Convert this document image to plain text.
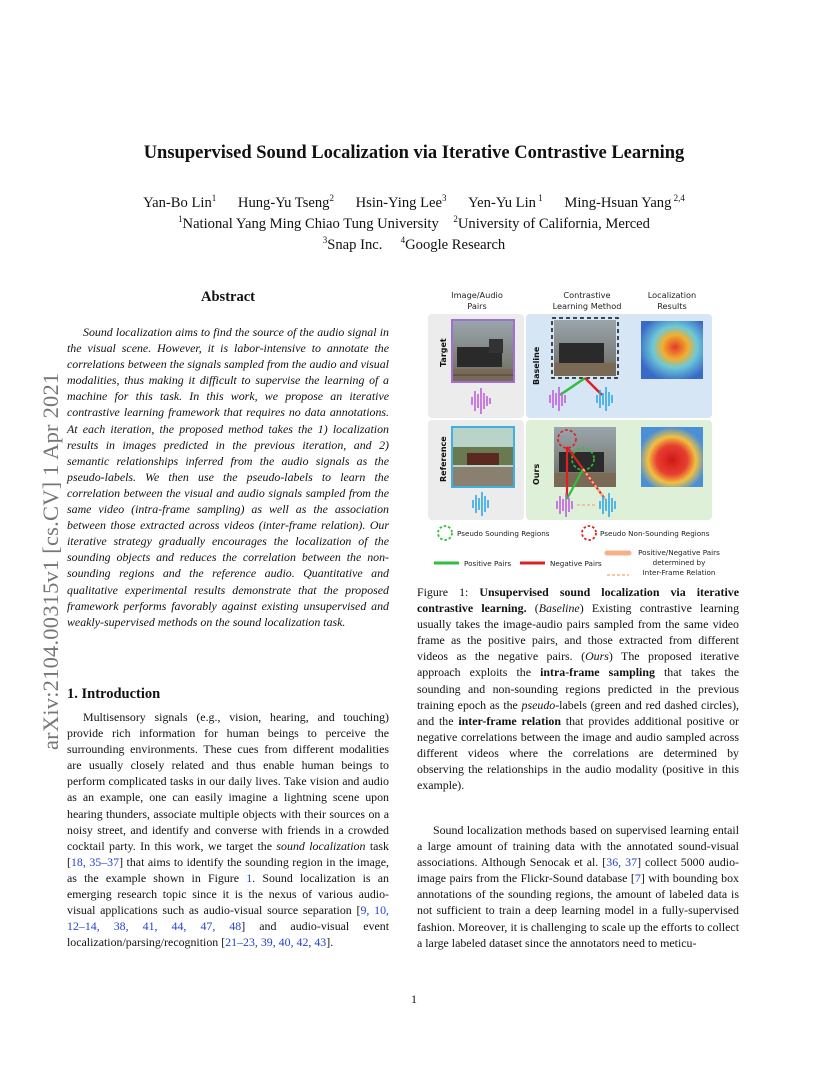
Unsupervised Sound Localization via Iterative Contrastive Learning
Yan-Bo Lin$^1$ Hung-Yu Tseng$^2$ Hsin-Ying Lee$^3$ Yen-Yu Lin $^1$ Ming-Hsuan Yang $^{2,4}$
$^1$National Yang Ming Chiao Tung University $^2$University of California, Merced
$^3$Snap Inc. $^4$Google Research
arXiv:2104.00315v1 [cs.CV] 1 Apr 2021
Abstract
Sound localization aims to find the source of the audio signal in the visual scene. However, it is labor-intensive to annotate the correlations between the signals sampled from the audio and visual modalities, thus making it difficult to supervise the learning of a machine for this task. In this work, we propose an iterative contrastive learning framework that requires no data annotations. At each iteration, the proposed method takes the 1) localization results in images predicted in the previous iteration, and 2) semantic relationships inferred from the audio signals as the pseudo-labels. We then use the pseudo-labels to learn the correlation between the visual and audio signals sampled from the same video (intra-frame sampling) as well as the association between those extracted across videos (inter-frame relation). Our iterative strategy gradually encourages the localization of the sounding objects and reduces the correlation between the non-sounding regions and the reference audio. Quantitative and qualitative experimental results demonstrate that the proposed framework performs favorably against existing unsupervised and weakly-supervised methods on the sound localization task.
1. Introduction
Multisensory signals (e.g., vision, hearing, and touching) provide rich information for human beings to perceive the surrounding environments. These cues from different modalities are usually closely related and thus enable human beings to perform complicated tasks in our daily lives. Take vision and audio as an example, one can easily imagine a lightning scene upon hearing thunders, associate multiple objects with their sources on a noisy street, and identify and converse with friends in a crowded cocktail party. In this work, we target the sound localization task [18, 35–37] that aims to identify the sounding region in the image, as the example shown in Figure 1. Sound localization is an emerging research topic since it is the nexus of various audio-visual applications such as audio-visual source separation [9, 10, 12–14, 38, 41, 44, 47, 48] and audio-visual event localization/parsing/recognition [21–23, 39, 40, 42, 43].
Image/Audio
Pairs
Contrastive
Learning Method
Localization
Results
Target
Reference
Baseline
Ours
Pseudo Sounding Regions	Pseudo Non-Sounding Regions
Positive Pairs	Negative Pairs
Positive/Negative Pairs
determined by
Inter-Frame Relation
Figure 1: Unsupervised sound localization via iterative contrastive learning. (Baseline) Existing contrastive learning usually takes the image-audio pairs sampled from the same video frame as the positive pairs, and those extracted from different videos as the negative pairs. (Ours) The proposed iterative approach exploits the intra-frame sampling that takes the sounding and non-sounding regions predicted in the previous training epoch as the pseudo-labels (green and red dashed circles), and the inter-frame relation that provides additional positive or negative correlations between the image and audio sampled across different videos where the correlations are determined by observing the relationships in the audio modality (positive in this example).
Sound localization methods based on supervised learning entail a large amount of training data with the annotated sound-visual associations. Although Senocak et al. [36, 37] collect 5000 audio-image pairs from the Flickr-Sound database [7] with bounding box annotations of the sounding regions, the amount of labeled data is not sufficient to train a deep learning model in a fully-supervised fashion. Moreover, it is challenging to scale up the efforts to collect a large labeled dataset since the annotators need to meticu-
1
